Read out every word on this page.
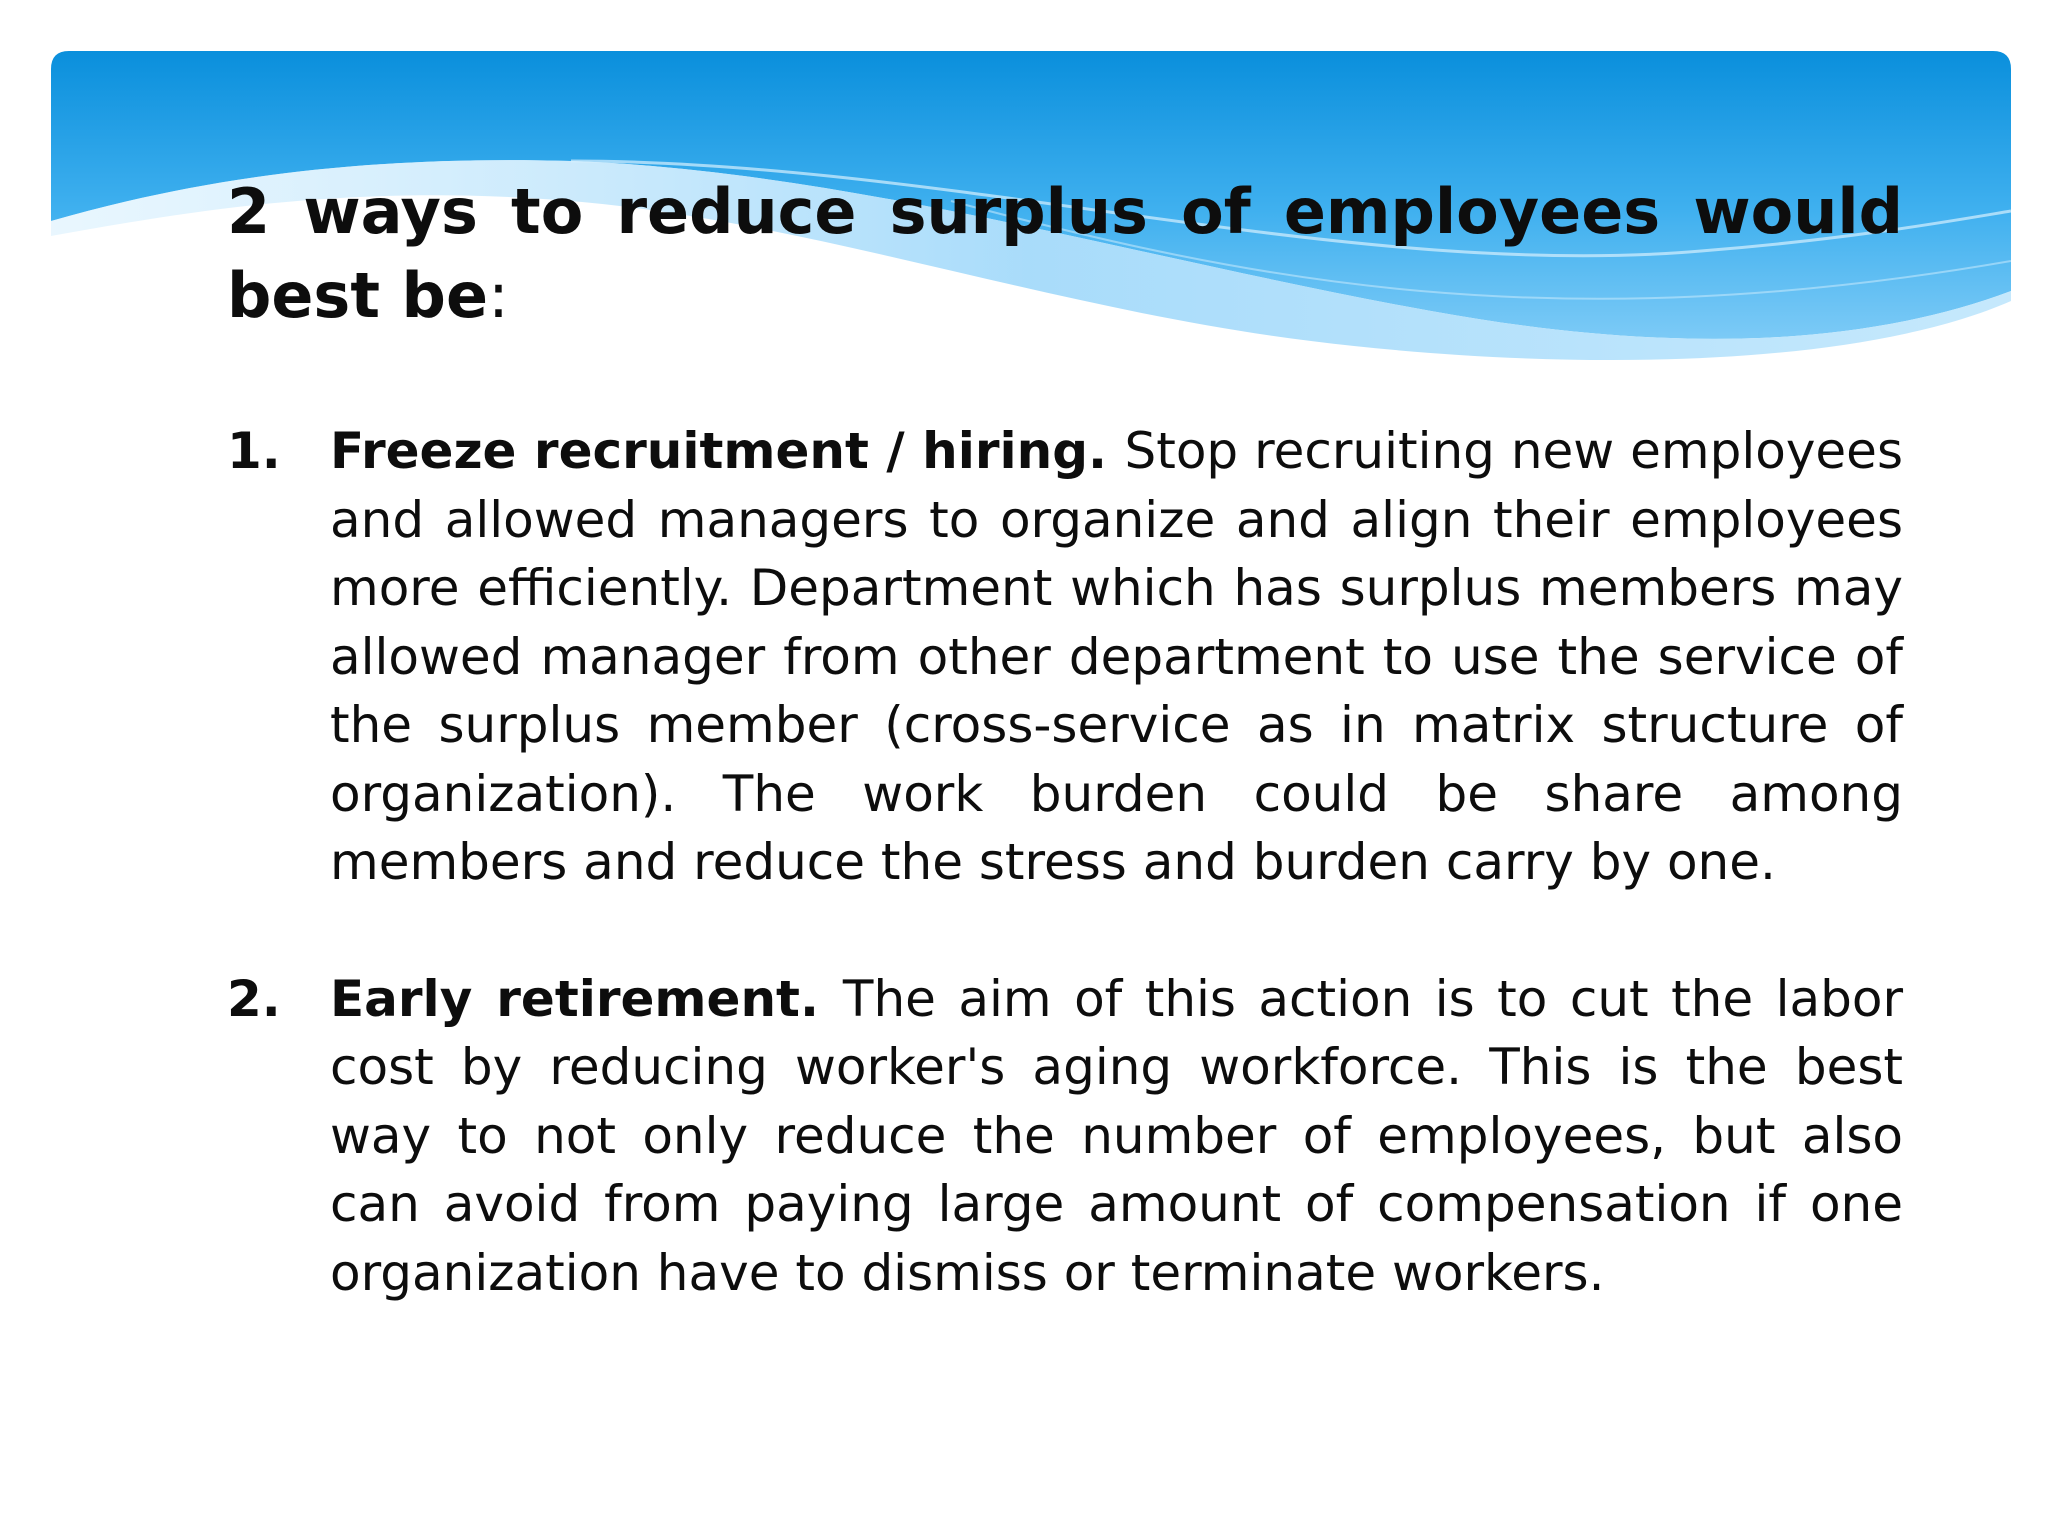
2 ways to reduce surplus of employees would best be:
1. Freeze recruitment / hiring. Stop recruiting new employees and allowed managers to organize and align their employees more efficiently. Department which has surplus members may allowed manager from other department to use the service of the surplus member (cross-service as in matrix structure of organization). The work burden could be share among members and reduce the stress and burden carry by one.
2. Early retirement. The aim of this action is to cut the labor cost by reducing worker's aging workforce. This is the best way to not only reduce the number of employees, but also can avoid from paying large amount of compensation if one organization have to dismiss or terminate workers.
